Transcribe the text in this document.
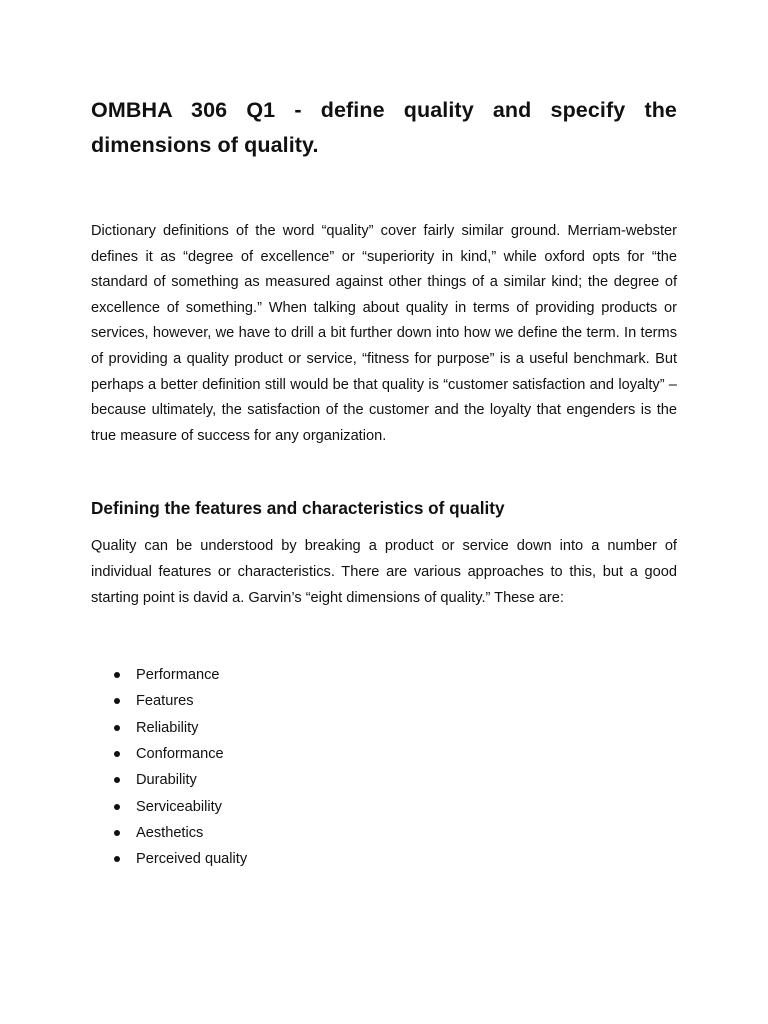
OMBHA 306 Q1 - define quality and specify the dimensions of quality.

Dictionary definitions of the word “quality” cover fairly similar ground. Merriam-webster defines it as “degree of excellence” or “superiority in kind,” while oxford opts for “the standard of something as measured against other things of a similar kind; the degree of excellence of something.” When talking about quality in terms of providing products or services, however, we have to drill a bit further down into how we define the term. In terms of providing a quality product or service, “fitness for purpose” is a useful benchmark. But perhaps a better definition still would be that quality is “customer satisfaction and loyalty” – because ultimately, the satisfaction of the customer and the loyalty that engenders is the true measure of success for any organization.

Defining the features and characteristics of quality

Quality can be understood by breaking a product or service down into a number of individual features or characteristics. There are various approaches to this, but a good starting point is david a. Garvin’s “eight dimensions of quality.” These are:

Performance
Features
Reliability
Conformance
Durability
Serviceability
Aesthetics
Perceived quality
